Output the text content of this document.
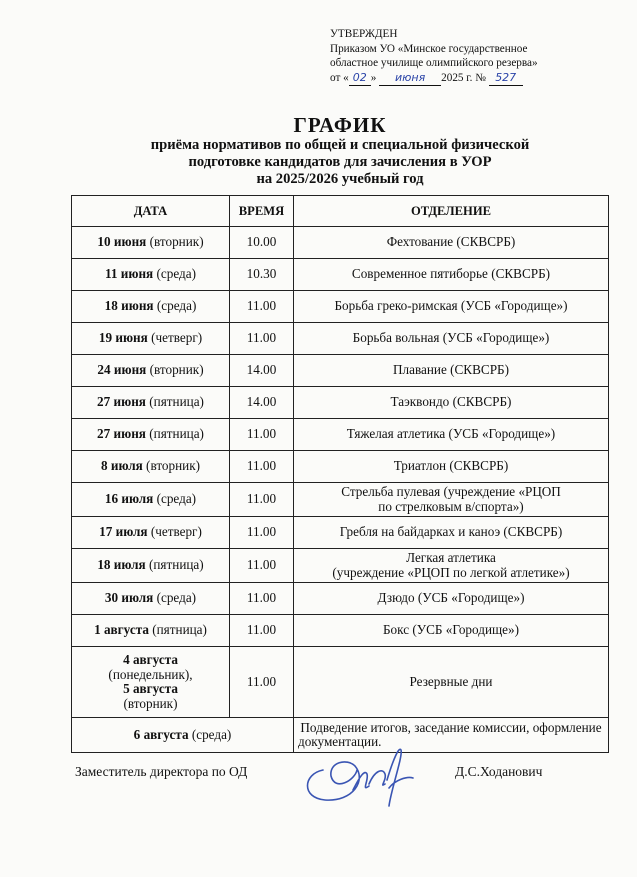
УТВЕРЖДЕН
Приказом УО «Минское государственное
областное училище олимпийского резерва»
от « 02 » июня 2025 г. № 527
ГРАФИК
приёма нормативов по общей и специальной физической
подготовке кандидатов для зачисления в УОР
на 2025/2026 учебный год
ДАТА	ВРЕМЯ	ОТДЕЛЕНИЕ
10 июня (вторник)	10.00	Фехтование (СКВСРБ)

11 июня (среда)	10.30	Современное пятиборье (СКВСРБ)

18 июня (среда)	11.00	Борьба греко-римская (УСБ «Городище»)

19 июня (четверг)	11.00	Борьба вольная (УСБ «Городище»)

24 июня (вторник)	14.00	Плавание (СКВСРБ)

27 июня (пятница)	14.00	Таэквондо (СКВСРБ)

27 июня (пятница)	11.00	Тяжелая атлетика (УСБ «Городище»)

8 июля (вторник)	11.00	Триатлон (СКВСРБ)

16 июля (среда)	11.00	Стрельба пулевая (учреждение «РЦОП
по стрелковым в/спорта»)

17 июля (четверг)	11.00	Гребля на байдарках и каноэ (СКВСРБ)

18 июля (пятница)	11.00	Легкая атлетика
(учреждение «РЦОП по легкой атлетике»)

30 июля (среда)	11.00	Дзюдо (УСБ «Городище»)

1 августа (пятница)	11.00	Бокс (УСБ «Городище»)

4 августа
(понедельник),
5 августа
(вторник)	11.00	Резервные дни
6 августа (среда)		Подведение итогов, заседание комиссии, оформление документации.
Заместитель директора по ОД	Д.С.Ходанович
